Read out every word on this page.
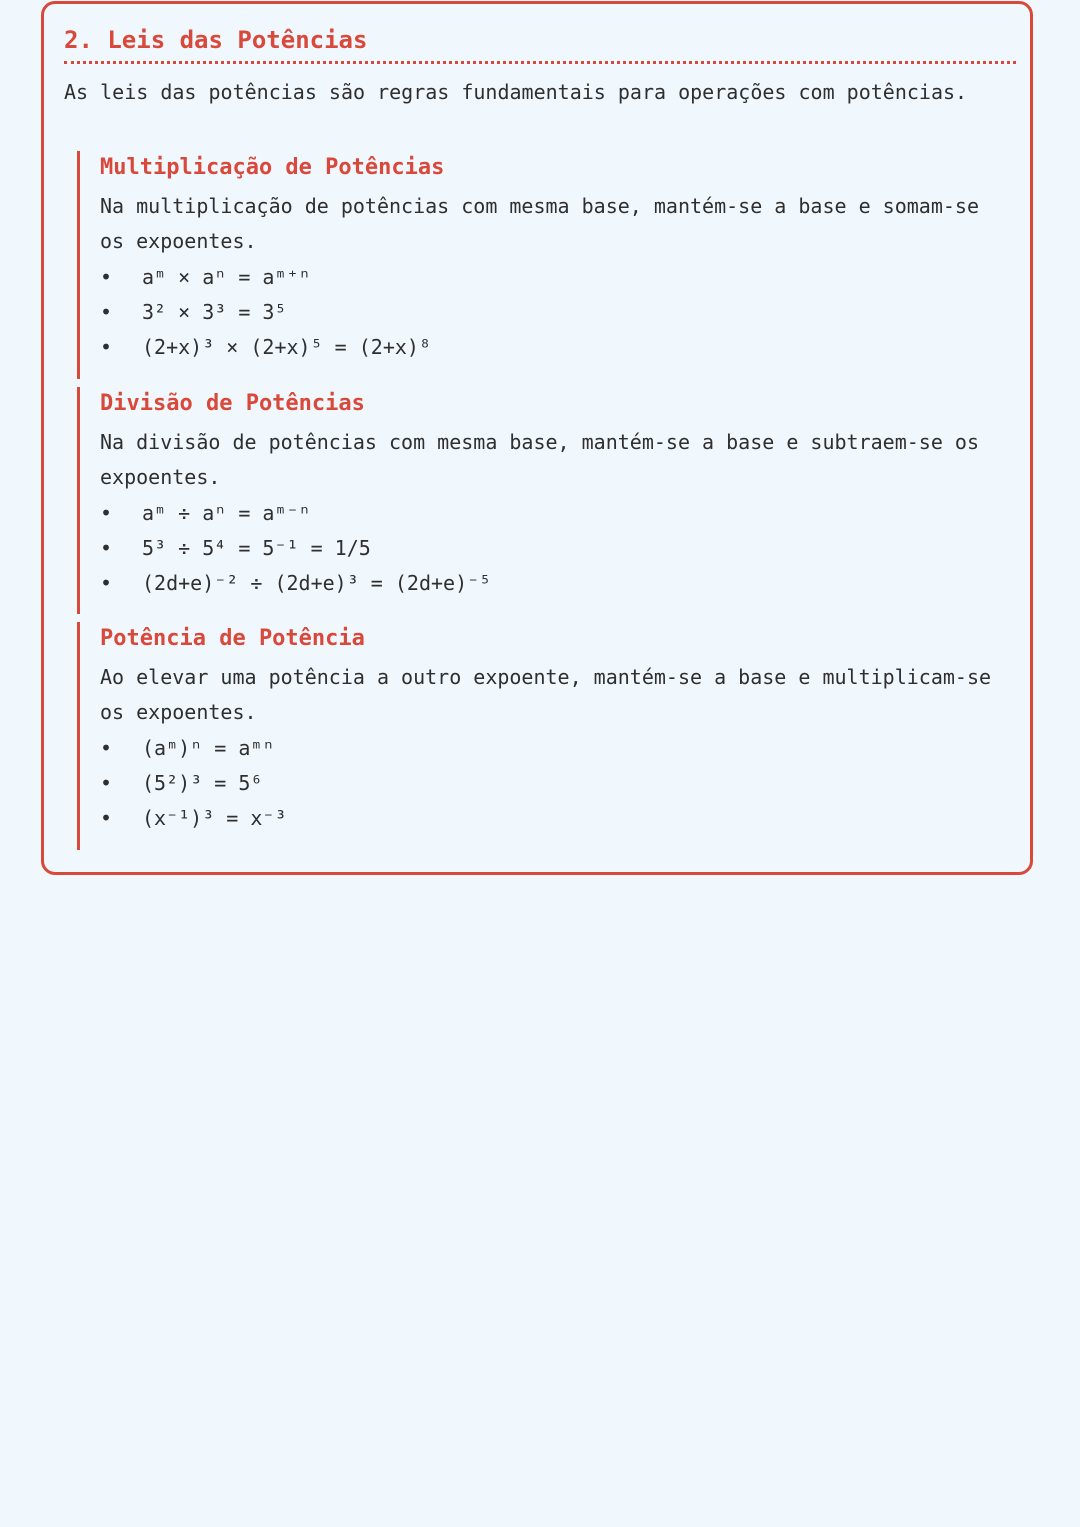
2. Leis das Potências

As leis das potências são regras fundamentais para operações com potências.

Multiplicação de Potências

Na multiplicação de potências com mesma base, mantém-se a base e somam-se os expoentes.

• aᵐ × aⁿ = aᵐ⁺ⁿ
• 3² × 3³ = 3⁵
• (2+x)³ × (2+x)⁵ = (2+x)⁸
Divisão de Potências

Na divisão de potências com mesma base, mantém-se a base e subtraem-se os expoentes.

• aᵐ ÷ aⁿ = aᵐ⁻ⁿ
• 5³ ÷ 5⁴ = 5⁻¹ = 1/5
• (2d+e)⁻² ÷ (2d+e)³ = (2d+e)⁻⁵
Potência de Potência

Ao elevar uma potência a outro expoente, mantém-se a base e multiplicam-se os expoentes.

• (aᵐ)ⁿ = aᵐⁿ
• (5²)³ = 5⁶
• (x⁻¹)³ = x⁻³
